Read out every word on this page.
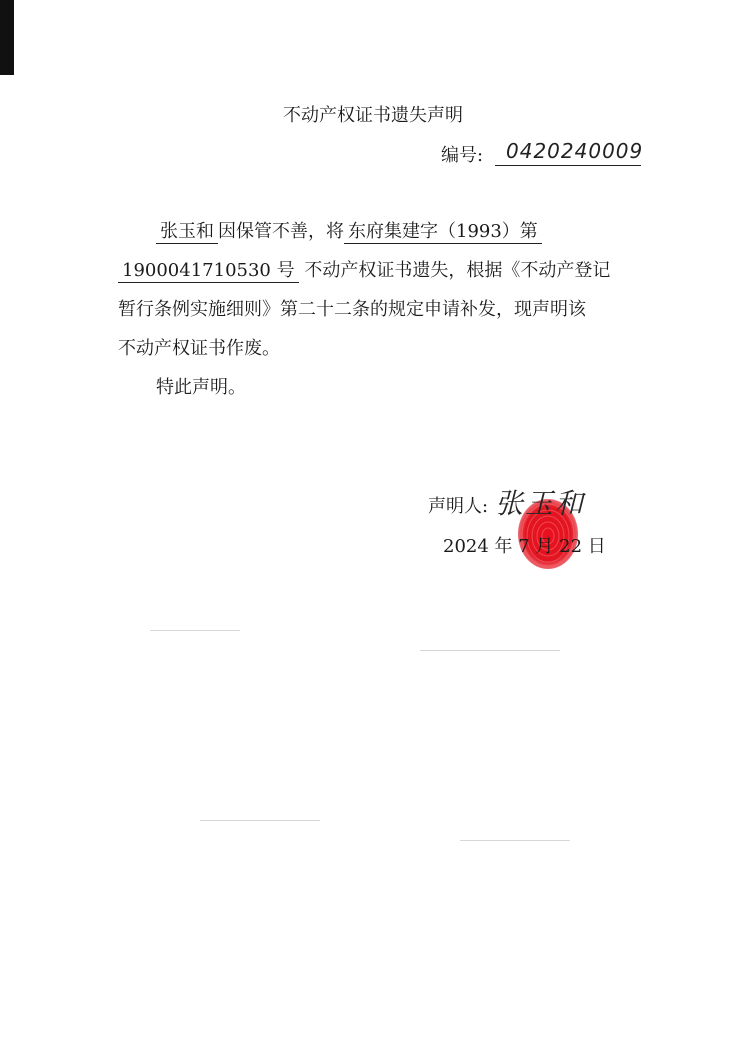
不动产权证书遗失声明
编号: 0420240009
张玉和 因保管不善，将 东府集建字（1993）第
1900041710530 号 不动产权证书遗失，根据《不动产登记
暂行条例实施细则》第二十二条的规定申请补发，现声明该
不动产权证书作废。
特此声明。
声明人: 张玉和
2024 年 7 月 22 日
